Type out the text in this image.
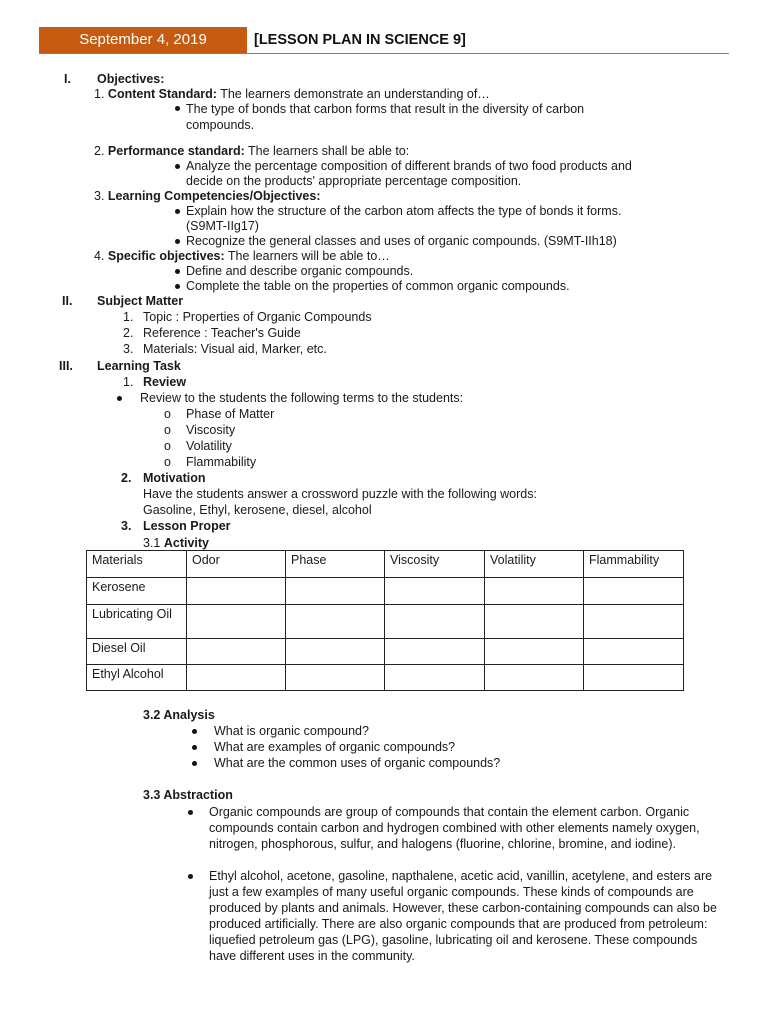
September 4, 2019	[LESSON PLAN IN SCIENCE 9]
I. Objectives:
1. Content Standard: The learners demonstrate an understanding of…
The type of bonds that carbon forms that result in the diversity of carbon
compounds.
2. Performance standard: The learners shall be able to:
Analyze the percentage composition of different brands of two food products and
decide on the products' appropriate percentage composition.
3. Learning Competencies/Objectives:
Explain how the structure of the carbon atom affects the type of bonds it forms.
(S9MT-IIg17)
Recognize the general classes and uses of organic compounds. (S9MT-IIh18)
4. Specific objectives: The learners will be able to…
Define and describe organic compounds.
Complete the table on the properties of common organic compounds.
II. Subject Matter
1. Topic : Properties of Organic Compounds
2. Reference : Teacher's Guide
3. Materials: Visual aid, Marker, etc.
III. Learning Task
1. Review
Review to the students the following terms to the students:
o Phase of Matter
o Viscosity
o Volatility
o Flammability
2. Motivation
Have the students answer a crossword puzzle with the following words:
Gasoline, Ethyl, kerosene, diesel, alcohol
3. Lesson Proper
3.1 Activity
Materials	Odor	Phase	Viscosity	Volatility	Flammability
Kerosene					
Lubricating Oil					
Diesel Oil					
Ethyl Alcohol					
3.2 Analysis
What is organic compound?
What are examples of organic compounds?
What are the common uses of organic compounds?
3.3 Abstraction
Organic compounds are group of compounds that contain the element carbon. Organic compounds contain carbon and hydrogen combined with other elements namely oxygen, nitrogen, phosphorous, sulfur, and halogens (fluorine, chlorine, bromine, and iodine).
Ethyl alcohol, acetone, gasoline, napthalene, acetic acid, vanillin, acetylene, and esters are just a few examples of many useful organic compounds. These kinds of compounds are produced by plants and animals. However, these carbon-containing compounds can also be produced artificially. There are also organic compounds that are produced from petroleum: liquefied petroleum gas (LPG), gasoline, lubricating oil and kerosene. These compounds have different uses in the community.
